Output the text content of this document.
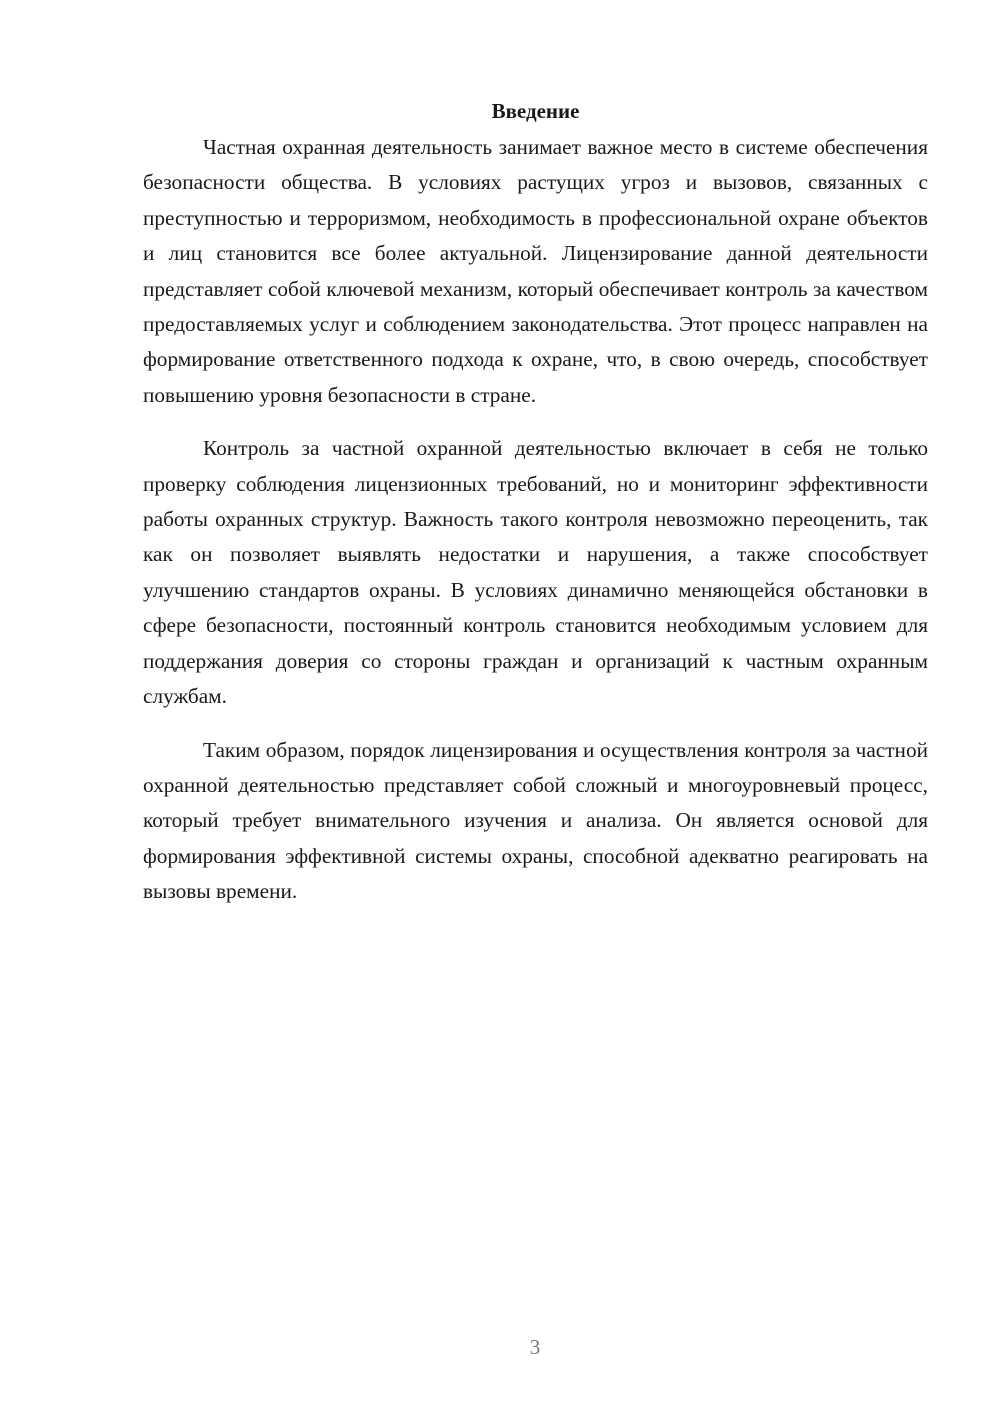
Введение

Частная охранная деятельность занимает важное место в системе обеспечения безопасности общества. В условиях растущих угроз и вызовов, связанных с преступностью и терроризмом, необходимость в профессиональной охране объектов и лиц становится все более актуальной. Лицензирование данной деятельности представляет собой ключевой механизм, который обеспечивает контроль за качеством предоставляемых услуг и соблюдением законодательства. Этот процесс направлен на формирование ответственного подхода к охране, что, в свою очередь, способствует повышению уровня безопасности в стране.

Контроль за частной охранной деятельностью включает в себя не только проверку соблюдения лицензионных требований, но и мониторинг эффективности работы охранных структур. Важность такого контроля невозможно переоценить, так как он позволяет выявлять недостатки и нарушения, а также способствует улучшению стандартов охраны. В условиях динамично меняющейся обстановки в сфере безопасности, постоянный контроль становится необходимым условием для поддержания доверия со стороны граждан и организаций к частным охранным службам.

Таким образом, порядок лицензирования и осуществления контроля за частной охранной деятельностью представляет собой сложный и многоуровневый процесс, который требует внимательного изучения и анализа. Он является основой для формирования эффективной системы охраны, способной адекватно реагировать на вызовы времени.

3
